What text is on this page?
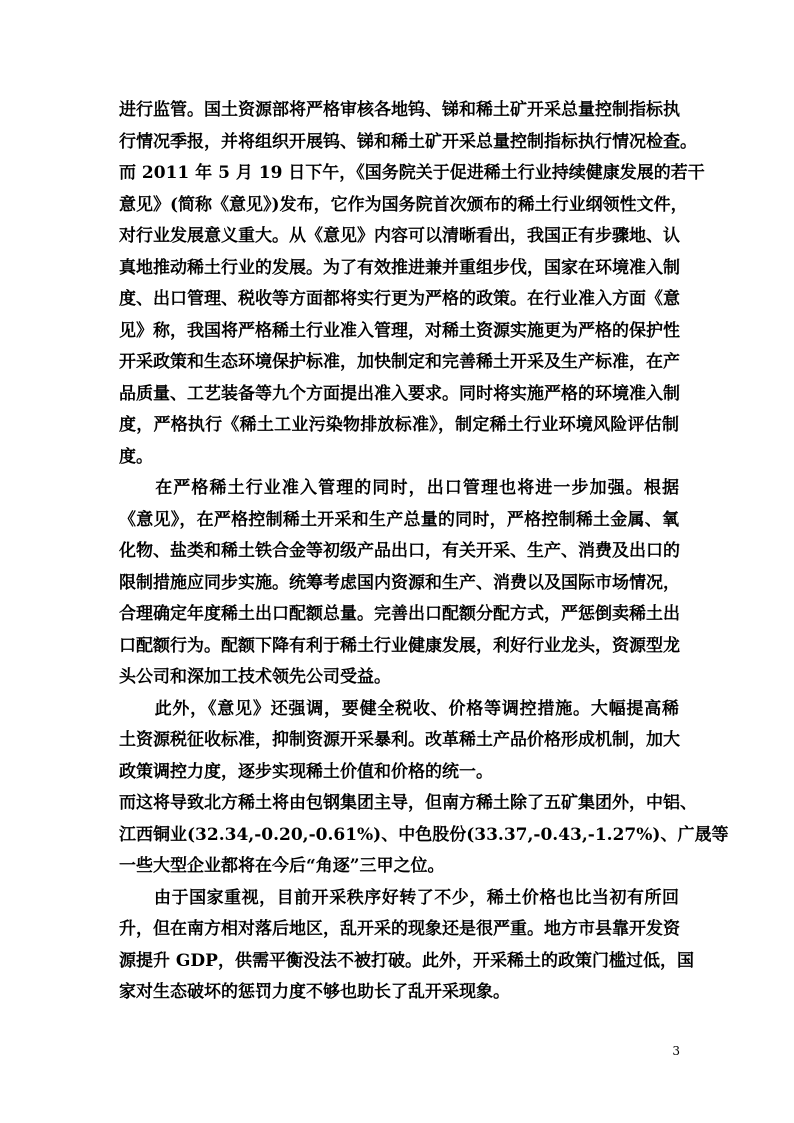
进行监管。国土资源部将严格审核各地钨、锑和稀土矿开采总量控制指标执
行情况季报，并将组织开展钨、锑和稀土矿开采总量控制指标执行情况检查。
而 2011 年 5 月 19 日下午，《国务院关于促进稀土行业持续健康发展的若干
意见》(简称《意见》)发布，它作为国务院首次颁布的稀土行业纲领性文件，
对行业发展意义重大。从《意见》内容可以清晰看出，我国正有步骤地、认
真地推动稀土行业的发展。为了有效推进兼并重组步伐，国家在环境准入制
度、出口管理、税收等方面都将实行更为严格的政策。在行业准入方面《意
见》称，我国将严格稀土行业准入管理，对稀土资源实施更为严格的保护性
开采政策和生态环境保护标准，加快制定和完善稀土开采及生产标准，在产
品质量、工艺装备等九个方面提出准入要求。同时将实施严格的环境准入制
度，严格执行《稀土工业污染物排放标准》，制定稀土行业环境风险评估制
度。
　　在严格稀土行业准入管理的同时，出口管理也将进一步加强。根据
《意见》，在严格控制稀土开采和生产总量的同时，严格控制稀土金属、氧
化物、盐类和稀土铁合金等初级产品出口，有关开采、生产、消费及出口的
限制措施应同步实施。统筹考虑国内资源和生产、消费以及国际市场情况，
合理确定年度稀土出口配额总量。完善出口配额分配方式，严惩倒卖稀土出
口配额行为。配额下降有利于稀土行业健康发展，利好行业龙头，资源型龙
头公司和深加工技术领先公司受益。
　　此外，《意见》还强调，要健全税收、价格等调控措施。大幅提高稀
土资源税征收标准，抑制资源开采暴利。改革稀土产品价格形成机制，加大
政策调控力度，逐步实现稀土价值和价格的统一。
而这将导致北方稀土将由包钢集团主导，但南方稀土除了五矿集团外，中铝、
江西铜业(32.34,-0.20,-0.61%)、中色股份(33.37,-0.43,-1.27%)、广晟等
一些大型企业都将在今后“角逐”三甲之位。
　　由于国家重视，目前开采秩序好转了不少，稀土价格也比当初有所回
升，但在南方相对落后地区，乱开采的现象还是很严重。地方市县靠开发资
源提升 GDP，供需平衡没法不被打破。此外，开采稀土的政策门槛过低，国
家对生态破坏的惩罚力度不够也助长了乱开采现象。
3
